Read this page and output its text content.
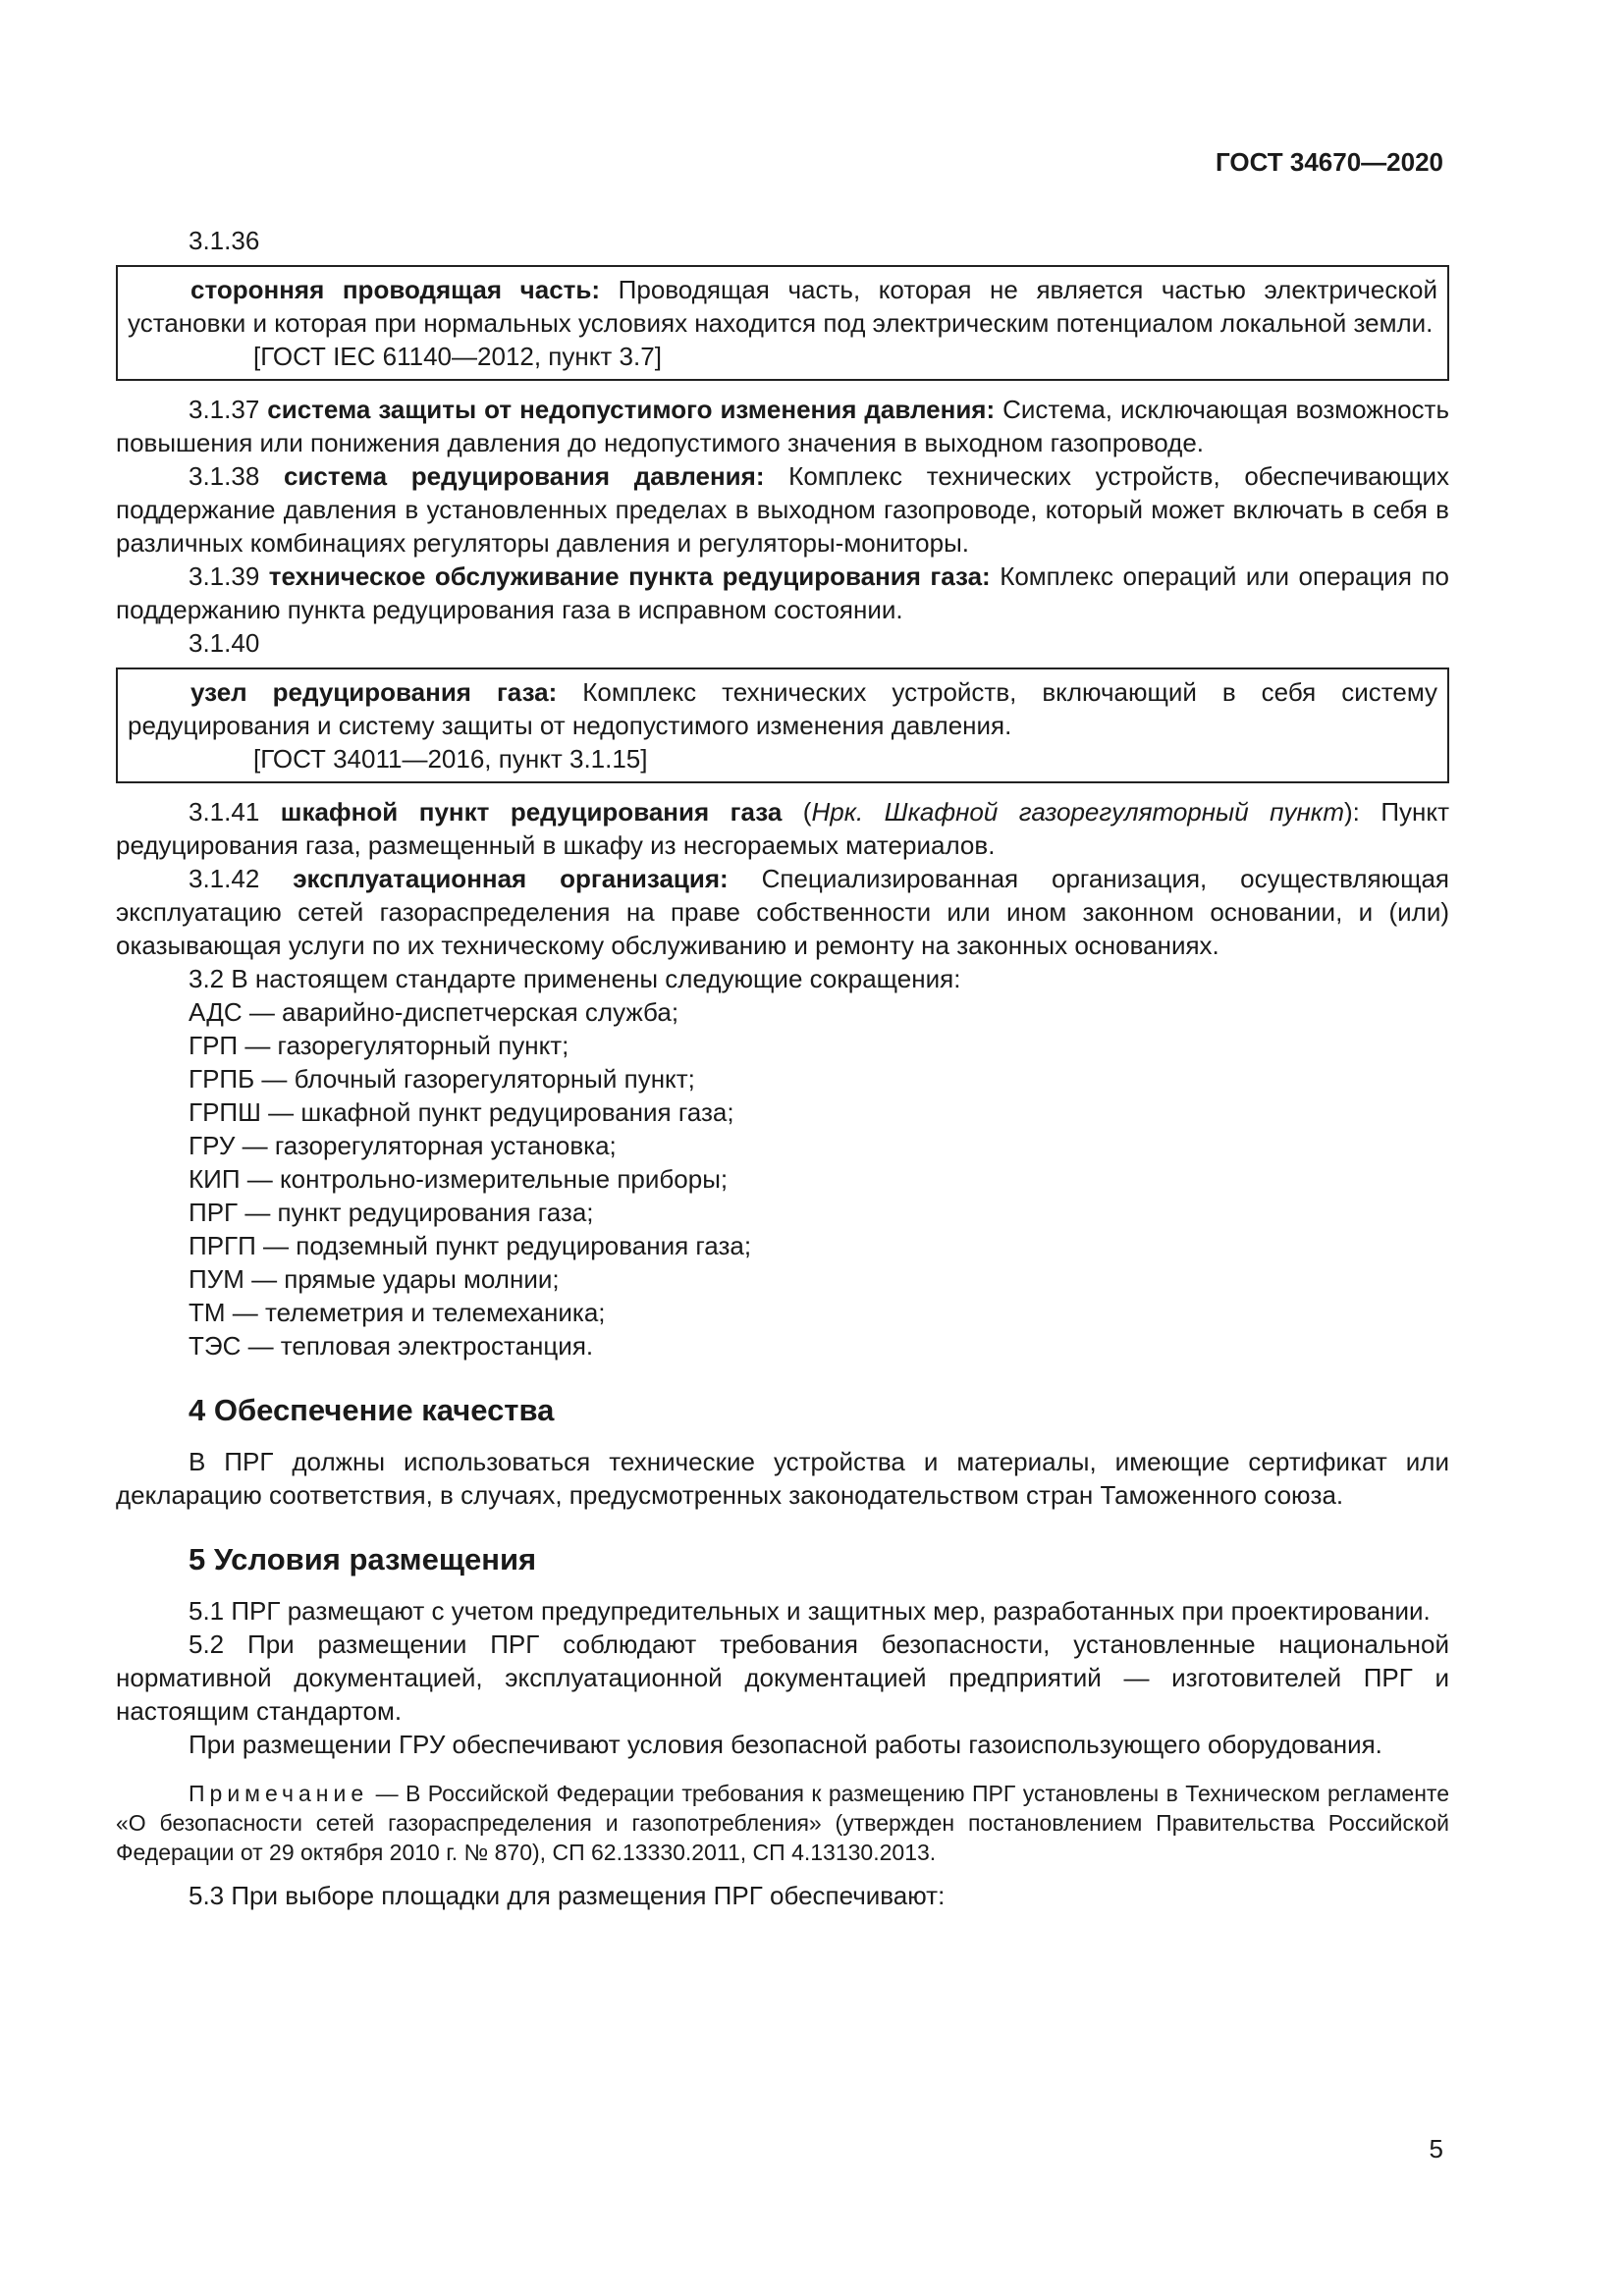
ГОСТ 34670—2020

3.1.36

сторонняя проводящая часть: Проводящая часть, которая не является частью электрической установки и которая при нормальных условиях находится под электрическим потенциалом локальной земли.

[ГОСТ IEC 61140—2012, пункт 3.7]

3.1.37 система защиты от недопустимого изменения давления: Система, исключающая возможность повышения или понижения давления до недопустимого значения в выходном газопроводе.

3.1.38 система редуцирования давления: Комплекс технических устройств, обеспечивающих поддержание давления в установленных пределах в выходном газопроводе, который может включать в себя в различных комбинациях регуляторы давления и регуляторы-мониторы.

3.1.39 техническое обслуживание пункта редуцирования газа: Комплекс операций или операция по поддержанию пункта редуцирования газа в исправном состоянии.

3.1.40

узел редуцирования газа: Комплекс технических устройств, включающий в себя систему редуцирования и систему защиты от недопустимого изменения давления.

[ГОСТ 34011—2016, пункт 3.1.15]

3.1.41 шкафной пункт редуцирования газа (Нрк. Шкафной газорегуляторный пункт): Пункт редуцирования газа, размещенный в шкафу из несгораемых материалов.

3.1.42 эксплуатационная организация: Специализированная организация, осуществляющая эксплуатацию сетей газораспределения на праве собственности или ином законном основании, и (или) оказывающая услуги по их техническому обслуживанию и ремонту на законных основаниях.

3.2 В настоящем стандарте применены следующие сокращения:

АДС — аварийно-диспетчерская служба;

ГРП — газорегуляторный пункт;

ГРПБ — блочный газорегуляторный пункт;

ГРПШ — шкафной пункт редуцирования газа;

ГРУ — газорегуляторная установка;

КИП — контрольно-измерительные приборы;

ПРГ — пункт редуцирования газа;

ПРГП — подземный пункт редуцирования газа;

ПУМ — прямые удары молнии;

ТМ — телеметрия и телемеханика;

ТЭС — тепловая электростанция.

4 Обеспечение качества

В ПРГ должны использоваться технические устройства и материалы, имеющие сертификат или декларацию соответствия, в случаях, предусмотренных законодательством стран Таможенного союза.

5 Условия размещения

5.1 ПРГ размещают с учетом предупредительных и защитных мер, разработанных при проектировании.

5.2 При размещении ПРГ соблюдают требования безопасности, установленные национальной нормативной документацией, эксплуатационной документацией предприятий — изготовителей ПРГ и настоящим стандартом.

При размещении ГРУ обеспечивают условия безопасной работы газоиспользующего оборудования.

Примечание — В Российской Федерации требования к размещению ПРГ установлены в Техническом регламенте «О безопасности сетей газораспределения и газопотребления» (утвержден постановлением Правительства Российской Федерации от 29 октября 2010 г. № 870), СП 62.13330.2011, СП 4.13130.2013.

5.3 При выборе площадки для размещения ПРГ обеспечивают:

5
